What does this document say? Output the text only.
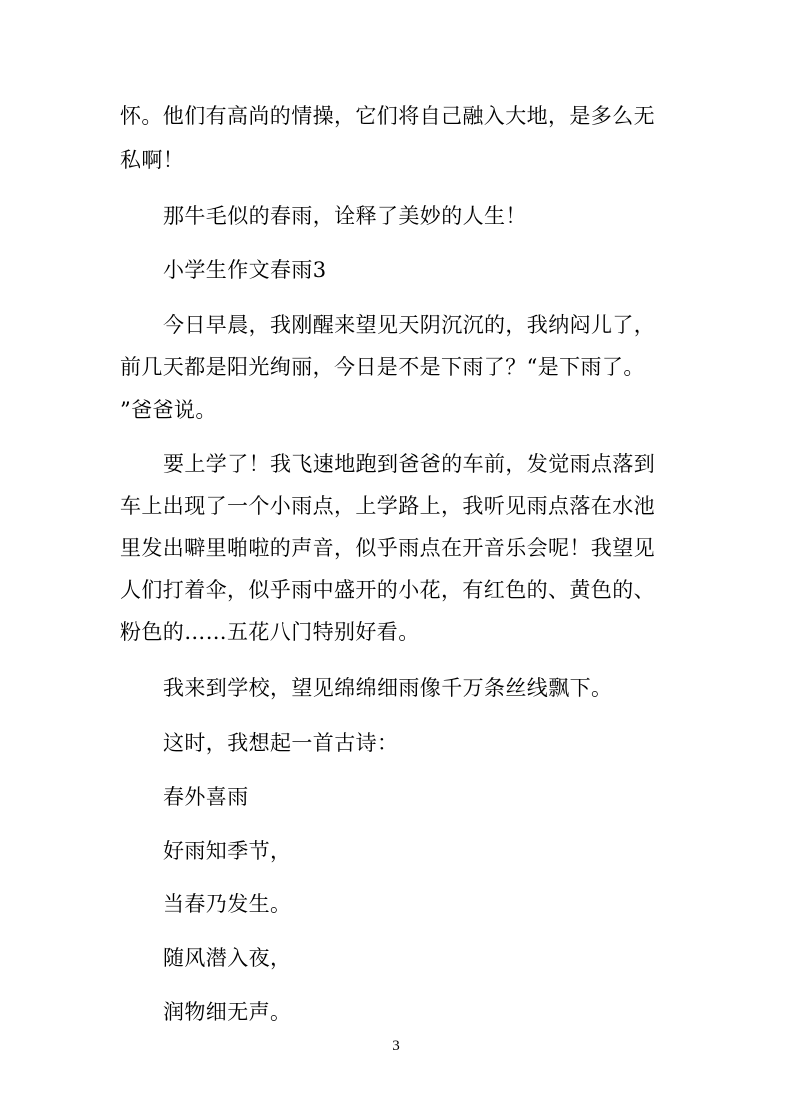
怀。他们有高尚的情操，它们将自己融入大地，是多么无
私啊！
那牛毛似的春雨，诠释了美妙的人生！
小学生作文春雨3
今日早晨，我刚醒来望见天阴沉沉的，我纳闷儿了，
前几天都是阳光绚丽，今日是不是下雨了？“是下雨了。
”爸爸说。
要上学了！我飞速地跑到爸爸的车前，发觉雨点落到
车上出现了一个小雨点，上学路上，我听见雨点落在水池
里发出噼里啪啦的声音，似乎雨点在开音乐会呢！我望见
人们打着伞，似乎雨中盛开的小花，有红色的、黄色的、
粉色的……五花八门特别好看。
我来到学校，望见绵绵细雨像千万条丝线飘下。
这时，我想起一首古诗：
春外喜雨
好雨知季节，
当春乃发生。
随风潜入夜，
润物细无声。
3
